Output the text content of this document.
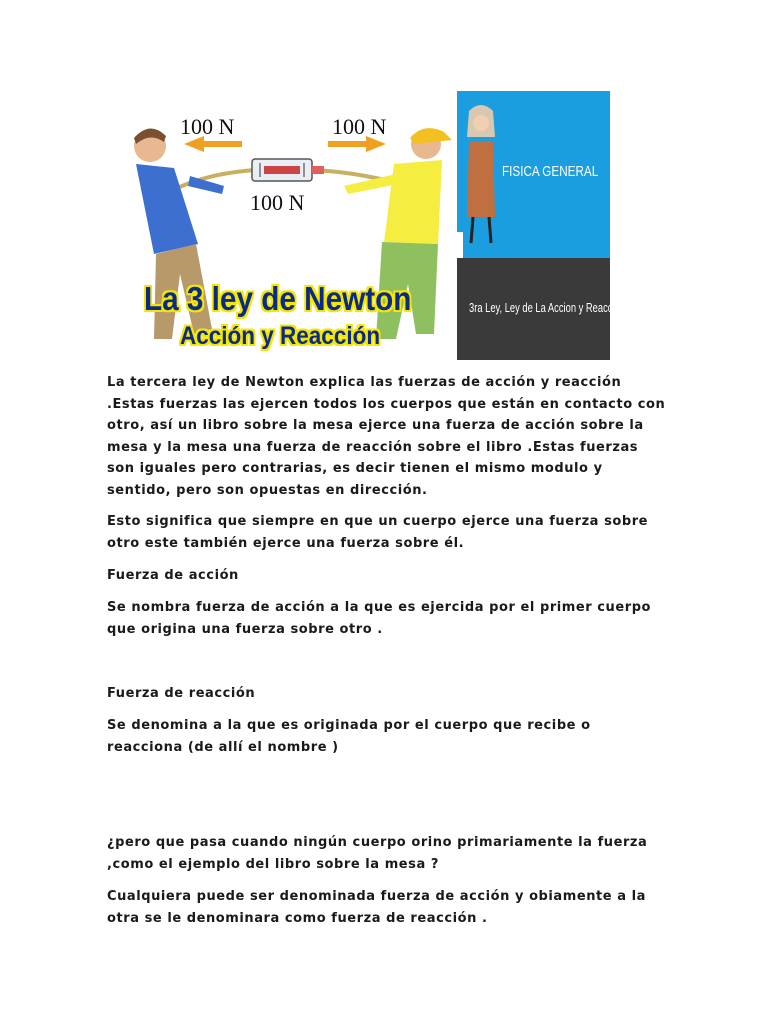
100 N	100 N
100 N
La 3 ley de Newton
Acción y Reacción
FISICA GENERAL
3ra Ley, Ley de La Accion y Reaccion

La tercera ley de Newton explica las fuerzas de acción y reacción .Estas fuerzas las ejercen todos los cuerpos que están en contacto con otro, así un libro sobre la mesa ejerce una fuerza de acción sobre la mesa y la mesa una fuerza de reacción sobre el libro .Estas fuerzas son iguales pero contrarias, es decir tienen el mismo modulo y sentido, pero son opuestas en dirección.

Esto significa que siempre en que un cuerpo ejerce una fuerza sobre otro este también ejerce una fuerza sobre él.

Fuerza de acción

Se nombra fuerza de acción a la que es ejercida por el primer cuerpo que origina una fuerza sobre otro .

Fuerza de reacción

Se denomina a la que es originada por el cuerpo que recibe o reacciona (de allí el nombre )

¿pero que pasa cuando ningún cuerpo orino primariamente la fuerza ,como el ejemplo del libro sobre la mesa ?

Cualquiera puede ser denominada fuerza de acción y obiamente a la otra se le denominara como fuerza de reacción .
